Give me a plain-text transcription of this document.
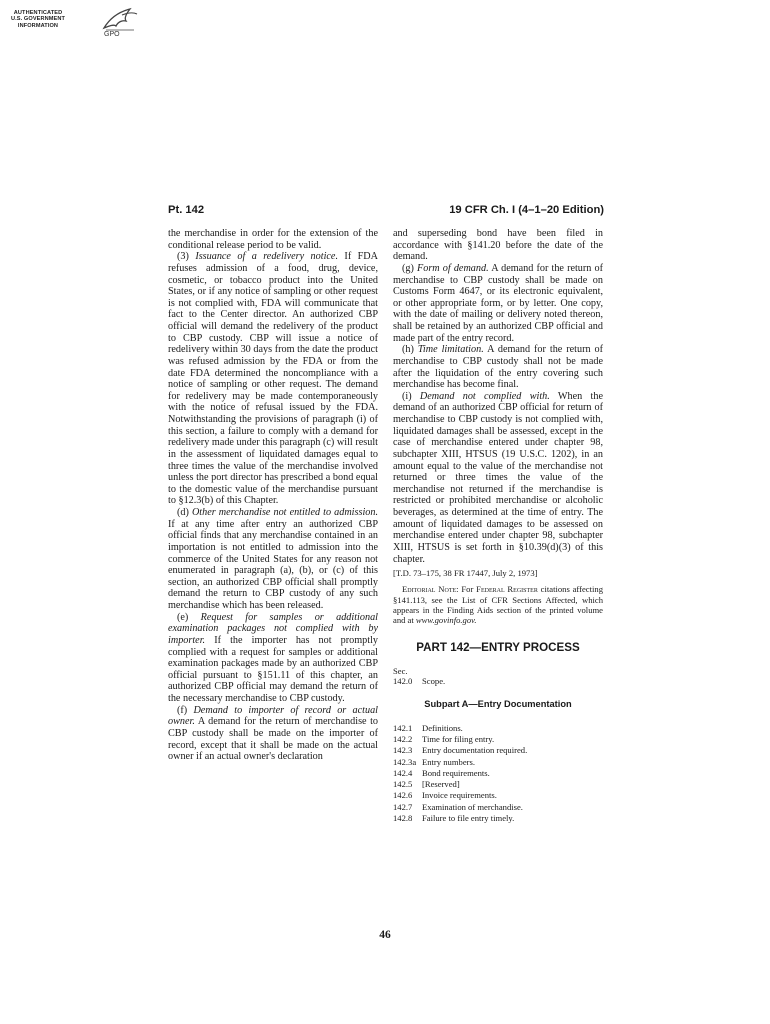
AUTHENTICATED
U.S. GOVERNMENT
INFORMATION
GPO
Pt. 142	19 CFR Ch. I (4–1–20 Edition)

the merchandise in order for the extension of the conditional release period to be valid.

(3) Issuance of a redelivery notice. If FDA refuses admission of a food, drug, device, cosmetic, or tobacco product into the United States, or if any notice of sampling or other request is not complied with, FDA will communicate that fact to the Center director. An authorized CBP official will demand the redelivery of the product to CBP custody. CBP will issue a notice of redelivery within 30 days from the date the product was refused admission by the FDA or from the date FDA determined the noncompliance with a notice of sampling or other request. The demand for redelivery may be made contemporaneously with the notice of refusal issued by the FDA. Notwithstanding the provisions of paragraph (i) of this section, a failure to comply with a demand for redelivery made under this paragraph (c) will result in the assessment of liquidated damages equal to three times the value of the merchandise involved unless the port director has prescribed a bond equal to the domestic value of the merchandise pursuant to §12.3(b) of this Chapter.

(d) Other merchandise not entitled to admission. If at any time after entry an authorized CBP official finds that any merchandise contained in an importation is not entitled to admission into the commerce of the United States for any reason not enumerated in paragraph (a), (b), or (c) of this section, an authorized CBP official shall promptly demand the return to CBP custody of any such merchandise which has been released.

(e) Request for samples or additional examination packages not complied with by importer. If the importer has not promptly complied with a request for samples or additional examination packages made by an authorized CBP official pursuant to §151.11 of this chapter, an authorized CBP official may demand the return of the necessary merchandise to CBP custody.

(f) Demand to importer of record or actual owner. A demand for the return of merchandise to CBP custody shall be made on the importer of record, except that it shall be made on the actual owner if an actual owner's declaration

and superseding bond have been filed in accordance with §141.20 before the date of the demand.

(g) Form of demand. A demand for the return of merchandise to CBP custody shall be made on Customs Form 4647, or its electronic equivalent, or other appropriate form, or by letter. One copy, with the date of mailing or delivery noted thereon, shall be retained by an authorized CBP official and made part of the entry record.

(h) Time limitation. A demand for the return of merchandise to CBP custody shall not be made after the liquidation of the entry covering such merchandise has become final.

(i) Demand not complied with. When the demand of an authorized CBP official for return of merchandise to CBP custody is not complied with, liquidated damages shall be assessed, except in the case of merchandise entered under chapter 98, subchapter XIII, HTSUS (19 U.S.C. 1202), in an amount equal to the value of the merchandise not returned or three times the value of the merchandise not returned if the merchandise is restricted or prohibited merchandise or alcoholic beverages, as determined at the time of entry. The amount of liquidated damages to be assessed on merchandise entered under chapter 98, subchapter XIII, HTSUS is set forth in §10.39(d)(3) of this chapter.

[T.D. 73–175, 38 FR 17447, July 2, 1973]

Editorial Note: For Federal Register citations affecting §141.113, see the List of CFR Sections Affected, which appears in the Finding Aids section of the printed volume and at www.govinfo.gov.

PART 142—ENTRY PROCESS

Sec.

142.0 Scope.

Subpart A—Entry Documentation

142.1 Definitions.

142.2 Time for filing entry.

142.3 Entry documentation required.

142.3a Entry numbers.

142.4 Bond requirements.

142.5 [Reserved]

142.6 Invoice requirements.

142.7 Examination of merchandise.

142.8 Failure to file entry timely.

46
